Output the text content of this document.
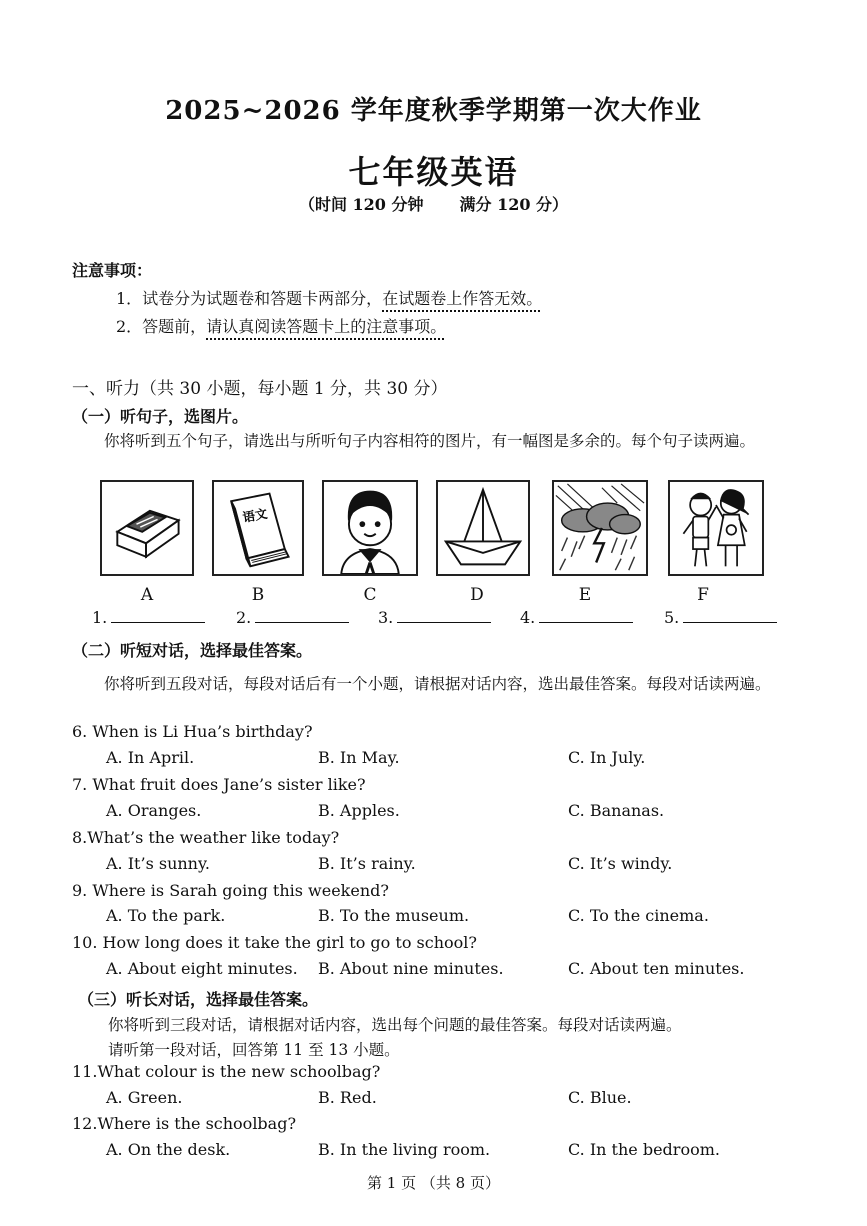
2025~2026 学年度秋季学期第一次大作业
七年级英语
（时间 120 分钟 满分 120 分）
注意事项：
1．试卷分为试题卷和答题卡两部分，在试题卷上作答无效。
2．答题前，请认真阅读答题卡上的注意事项。
一、听力（共 30 小题，每小题 1 分，共 30 分）
（一）听句子，选图片。
你将听到五个句子，请选出与所听句子内容相符的图片，有一幅图是多余的。每个句子读两遍。
语文
A	B	C	D	E	F
1.	2.	3.	4.	5.
（二）听短对话，选择最佳答案。
你将听到五段对话，每段对话后有一个小题，请根据对话内容，选出最佳答案。每段对话读两遍。
6. When is Li Hua’s birthday?
A. In April.	B. In May.	C. In July.
7. What fruit does Jane’s sister like?
A. Oranges.	B. Apples.	C. Bananas.
8.What’s the weather like today?
A. It’s sunny.	B. It’s rainy.	C. It’s windy.
9. Where is Sarah going this weekend?
A. To the park.	B. To the museum.	C. To the cinema.
10. How long does it take the girl to go to school?
A. About eight minutes. B. About nine minutes.	C. About ten minutes.
（三）听长对话，选择最佳答案。
你将听到三段对话，请根据对话内容，选出每个问题的最佳答案。每段对话读两遍。
请听第一段对话，回答第 11 至 13 小题。
11.What colour is the new schoolbag?
A. Green.	B. Red.	C. Blue.
12.Where is the schoolbag?
A. On the desk.	B. In the living room.	C. In the bedroom.
第 1 页 （共 8 页）
